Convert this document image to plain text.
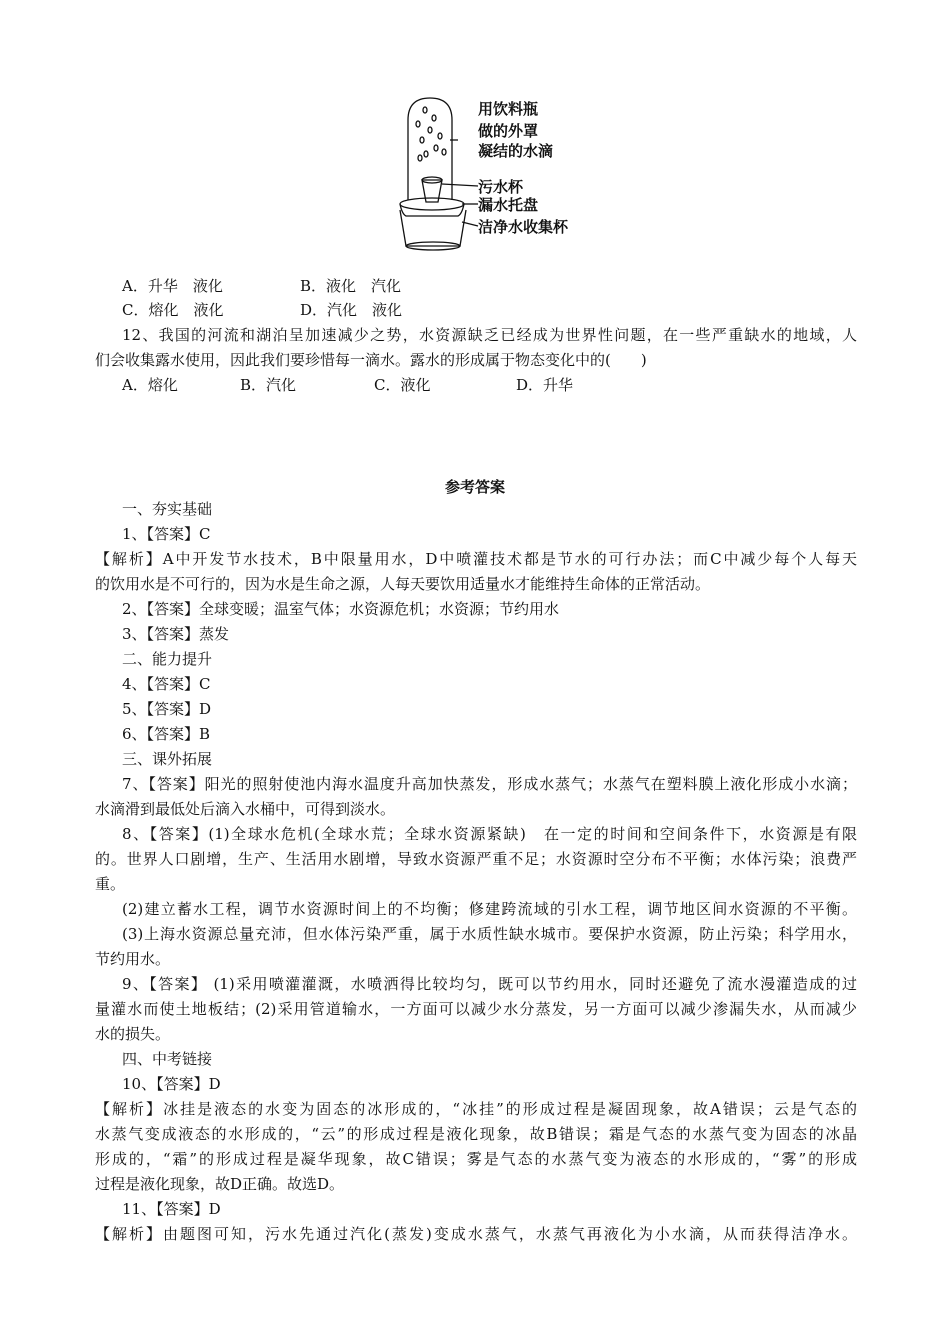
用饮料瓶
做的外罩
凝结的水滴
污水杯
漏水托盘
洁净水收集杯
A．升华　液化	B．液化　汽化
C．熔化　液化	D．汽化　液化
12、我国的河流和湖泊呈加速减少之势，水资源缺乏已经成为世界性问题，在一些严重缺水的地域，人
们会收集露水使用，因此我们要珍惜每一滴水。露水的形成属于物态变化中的(　　)
A．熔化	B．汽化	C．液化	D．升华
参考答案
一、夯实基础
1、【答案】C
【解析】A中开发节水技术，B中限量用水，D中喷灌技术都是节水的可行办法；而C中减少每个人每天
的饮用水是不可行的，因为水是生命之源，人每天要饮用适量水才能维持生命体的正常活动。
2、【答案】全球变暖；温室气体；水资源危机；水资源；节约用水
3、【答案】蒸发
二、能力提升
4、【答案】C
5、【答案】D
6、【答案】B
三、课外拓展
7、【答案】阳光的照射使池内海水温度升高加快蒸发，形成水蒸气；水蒸气在塑料膜上液化形成小水滴；
水滴滑到最低处后滴入水桶中，可得到淡水。
8、【答案】(1)全球水危机(全球水荒；全球水资源紧缺)　在一定的时间和空间条件下，水资源是有限
的。世界人口剧增，生产、生活用水剧增，导致水资源严重不足；水资源时空分布不平衡；水体污染；浪费严
重。
(2)建立蓄水工程，调节水资源时间上的不均衡；修建跨流域的引水工程，调节地区间水资源的不平衡。
(3)上海水资源总量充沛，但水体污染严重，属于水质性缺水城市。要保护水资源，防止污染；科学用水，
节约用水。
9、【答案】 (1)采用喷灌灌溉，水喷洒得比较均匀，既可以节约用水，同时还避免了流水漫灌造成的过
量灌水而使土地板结；(2)采用管道输水，一方面可以减少水分蒸发，另一方面可以减少渗漏失水，从而减少
水的损失。
四、中考链接
10、【答案】D
【解析】冰挂是液态的水变为固态的冰形成的，“冰挂”的形成过程是凝固现象，故A错误；云是气态的
水蒸气变成液态的水形成的，“云”的形成过程是液化现象，故B错误；霜是气态的水蒸气变为固态的冰晶
形成的，“霜”的形成过程是凝华现象，故C错误；雾是气态的水蒸气变为液态的水形成的，“雾”的形成
过程是液化现象，故D正确。故选D。
11、【答案】D
【解析】由题图可知，污水先通过汽化(蒸发)变成水蒸气，水蒸气再液化为小水滴，从而获得洁净水。
